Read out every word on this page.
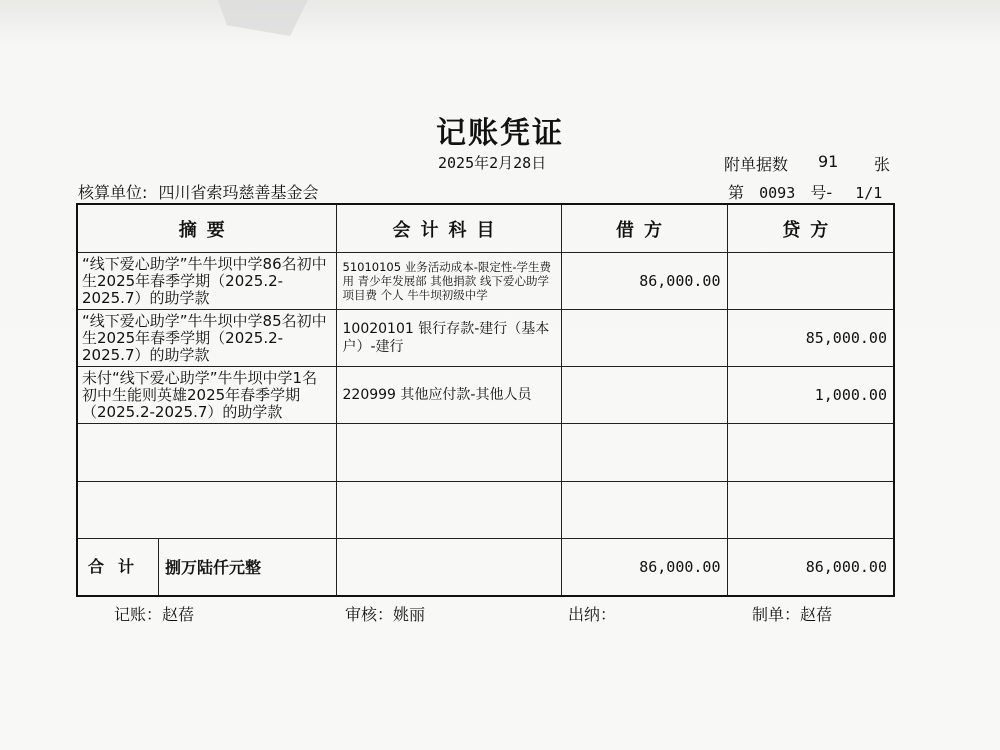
记账凭证
2025年2月28日	附单据数 91 张
核算单位: 四川省索玛慈善基金会	第 0093 号- 1/1
摘要	会计科目	借方	贷方
“线下爱心助学”牛牛坝中学86名初中生2025年春季学期（2025.2-2025.7）的助学款	51010105 业务活动成本-限定性-学生费用 青少年发展部 其他捐款 线下爱心助学 项目费 个人 牛牛坝初级中学	86,000.00	
“线下爱心助学”牛牛坝中学85名初中生2025年春季学期（2025.2-2025.7）的助学款	10020101 银行存款-建行（基本户）-建行		85,000.00
未付“线下爱心助学”牛牛坝中学1名初中生能则英雄2025年春季学期（2025.2-2025.7）的助学款	220999 其他应付款-其他人员		1,000.00

合计 捌万陆仟元整		86,000.00	86,000.00
记账：赵蓓	审核：姚丽	出纳：	制单：赵蓓
